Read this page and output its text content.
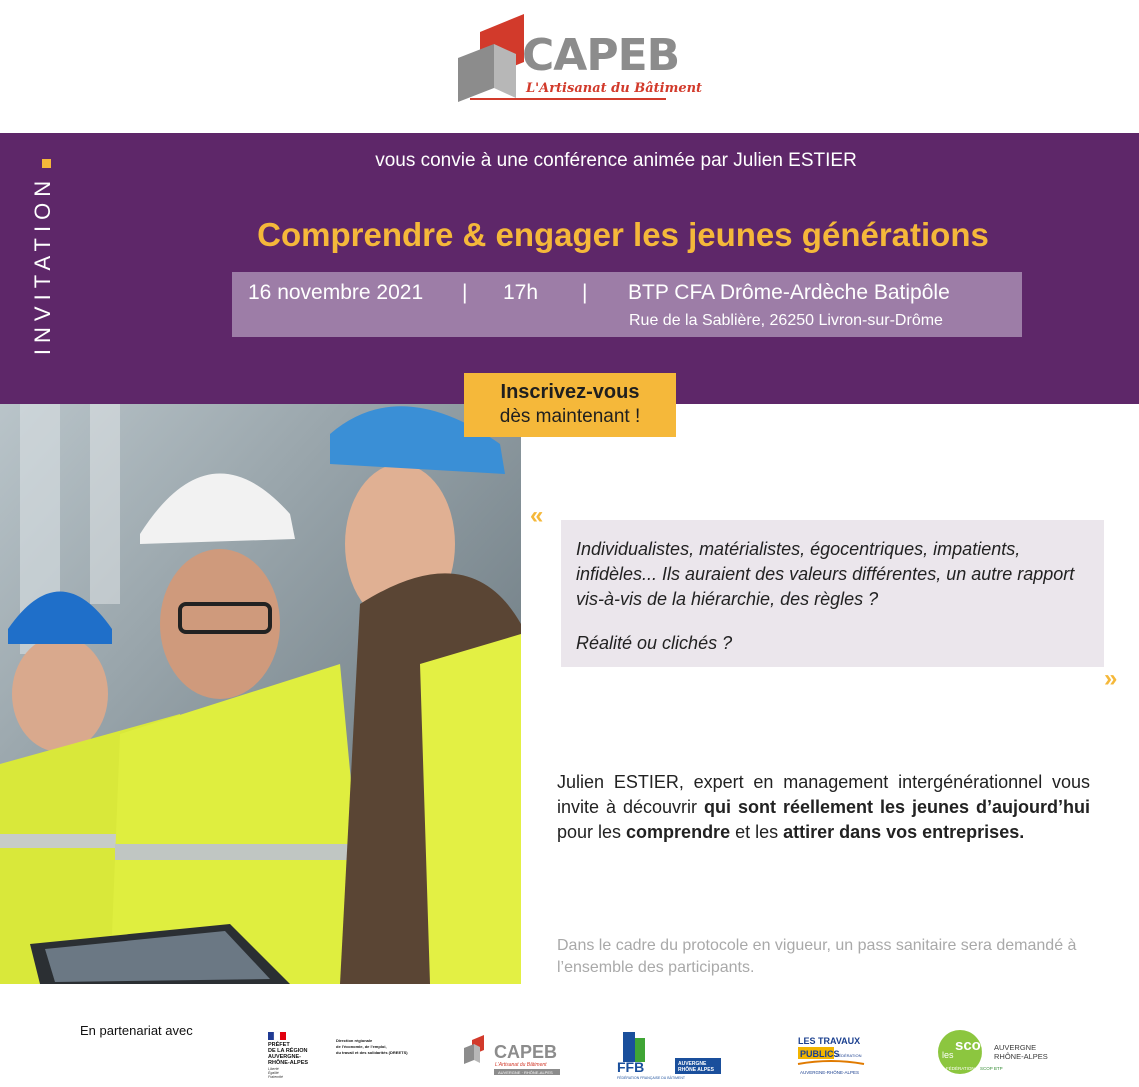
CAPEB
L'Artisanat du Bâtiment
INVITATION
vous convie à une conférence animée par Julien ESTIER
Comprendre & engager les jeunes générations
16 novembre 2021 | 17h | BTP CFA Drôme-Ardèche Batipôle
Rue de la Sablière, 26250 Livron-sur-Drôme
Inscrivez-vous
dès maintenant !
«
Individualistes, matérialistes, égocentriques, impatients, infidèles... Ils auraient des valeurs différentes, un autre rapport vis-à-vis de la hiérarchie, des règles ?
Réalité ou clichés ?
»
Julien ESTIER, expert en management intergénérationnel vous invite à découvrir qui sont réellement les jeunes d’aujourd’hui pour les comprendre et les attirer dans vos entreprises.
Dans le cadre du protocole en vigueur, un pass sanitaire sera demandé à l’ensemble des participants.
En partenariat avec
PRÉFET
DE LA RÉGION
AUVERGNE-
RHÔNE-ALPES
Liberté
Égalité
Fraternité
Direction régionale
de l'économie, de l'emploi,
du travail et des solidarités (DREETS)	CAPEB
L'Artisanat du Bâtiment
AUVERGNE · RHÔNE-ALPES	FFB	AUVERGNE
RHÔNE ALPES
FÉDÉRATION FRANÇAISE DU BÂTIMENT
LES TRAVAUX
PUBLICS
FÉDÉRATION
AUVERGNE-RHÔNE-ALPES
les
scop AUVERGNE
RHÔNE-ALPES
FÉDÉRATION SCOP BTP
